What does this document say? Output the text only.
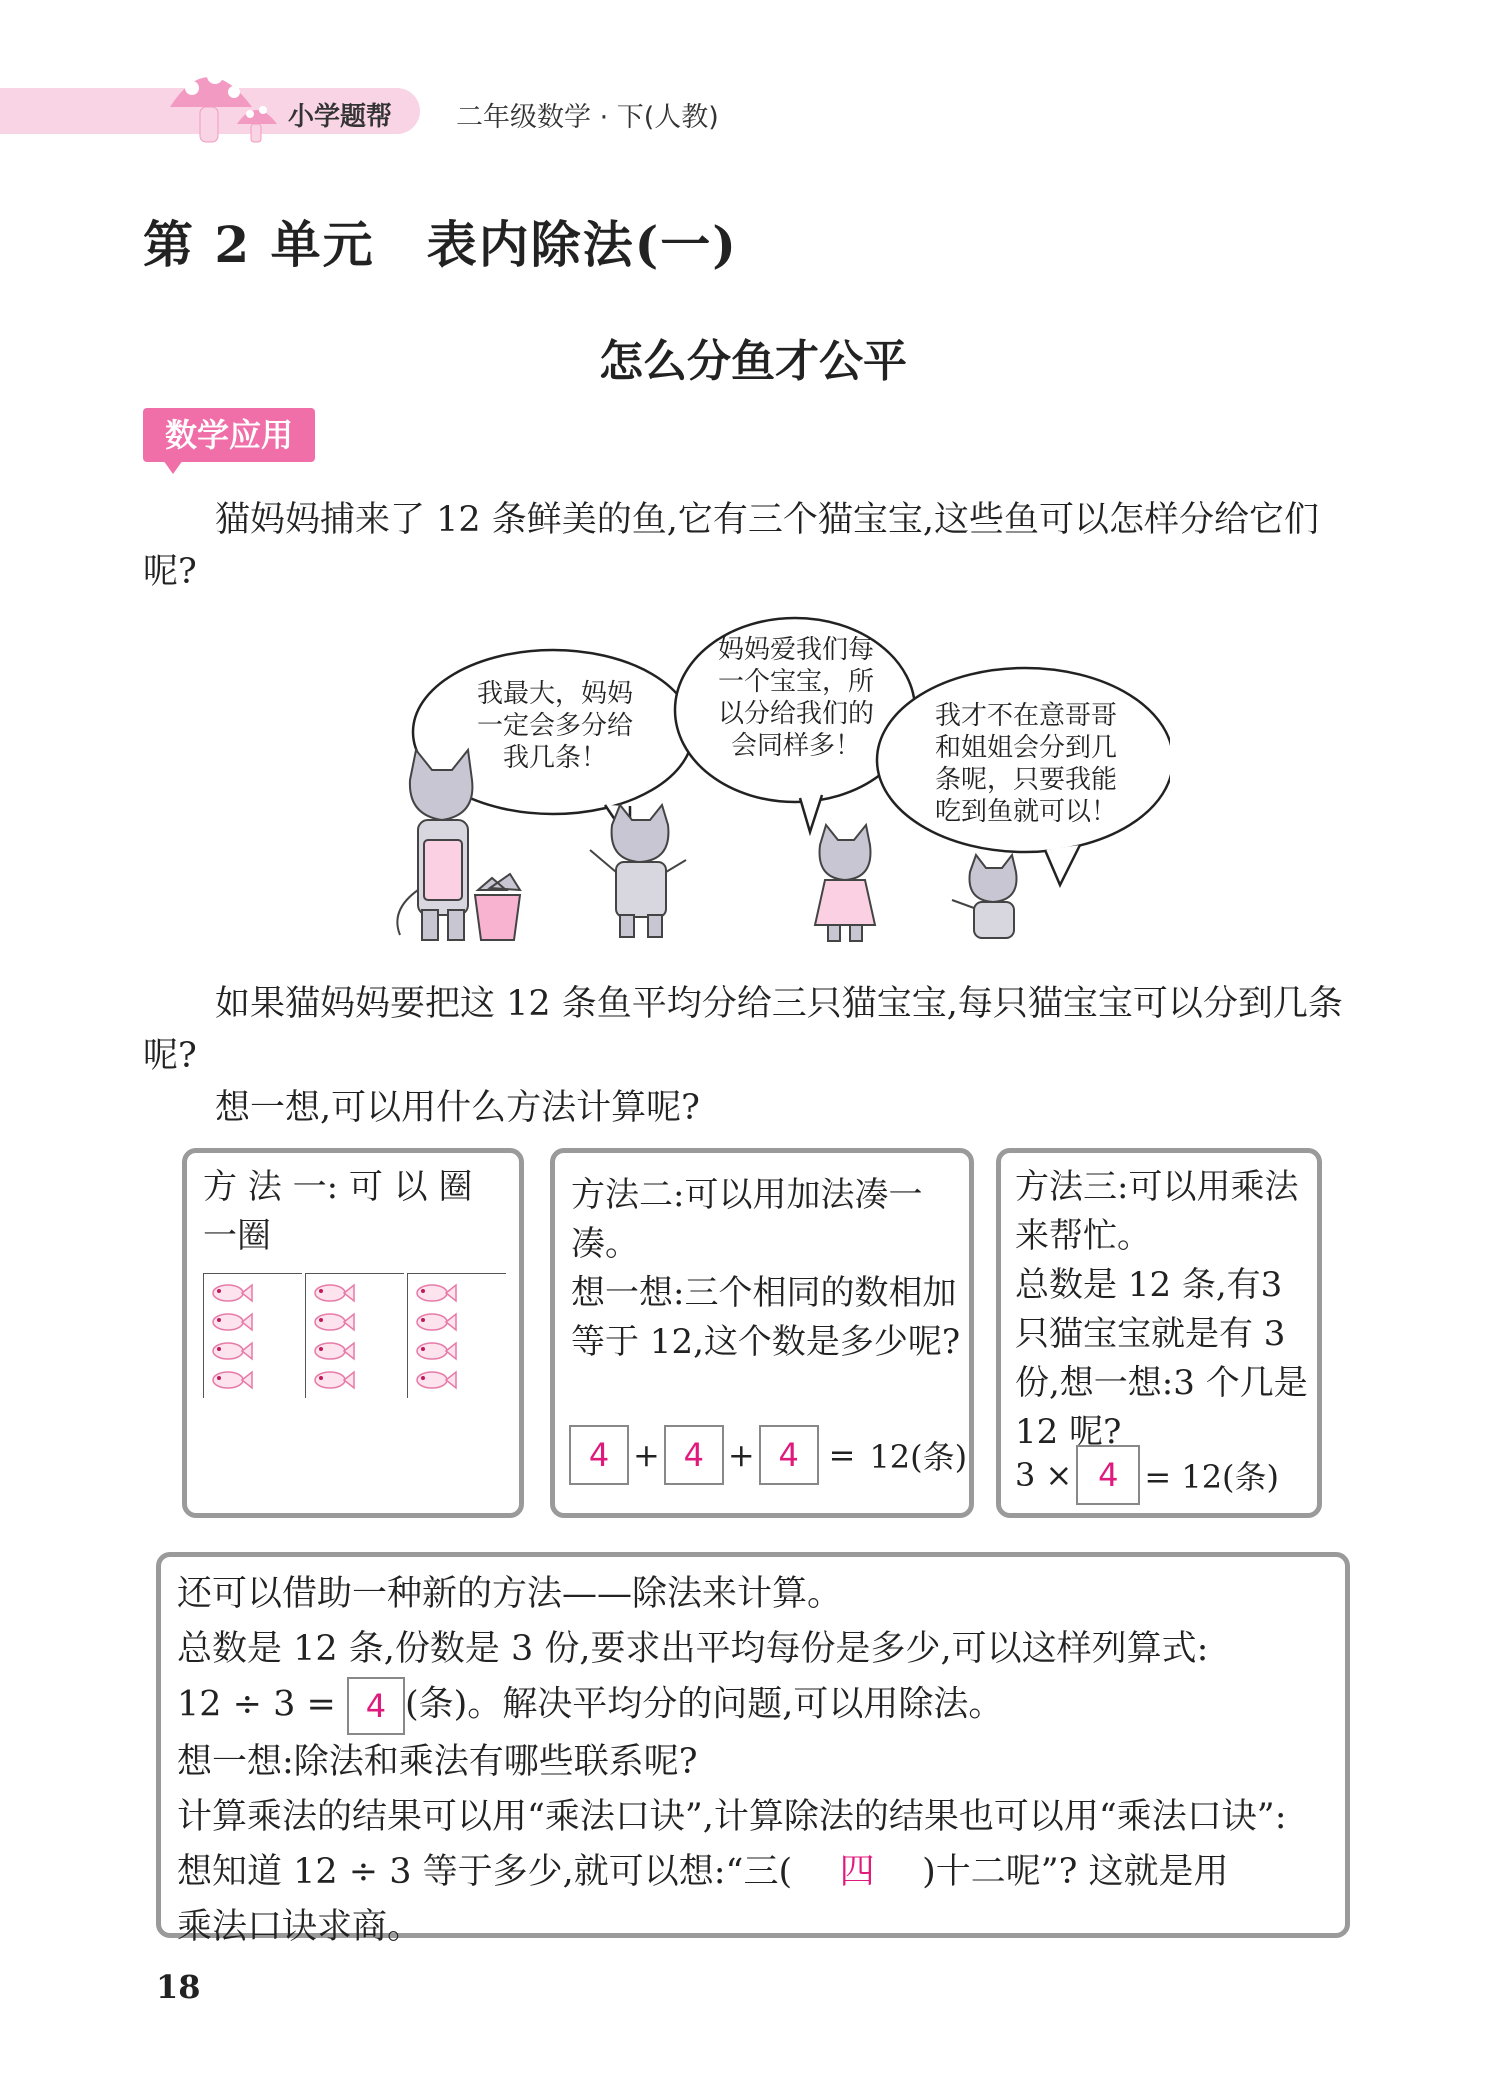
小学题帮 二年级数学 · 下(人教)
第 2 单元　表内除法(一)
怎么分鱼才公平
数学应用
猫妈妈捕来了 12 条鲜美的鱼,它有三个猫宝宝,这些鱼可以怎样分给它们呢?
我最大，妈妈
一定会多分给
我几条！
妈妈爱我们每
一个宝宝，所
以分给我们的
会同样多！
我才不在意哥哥
和姐姐会分到几
条呢，只要我能
吃到鱼就可以！
如果猫妈妈要把这 12 条鱼平均分给三只猫宝宝,每只猫宝宝可以分到几条呢?
想一想,可以用什么方法计算呢?
方 法 一: 可 以 圈
一圈
方法二:可以用加法凑一凑。
想一想:三个相同的数相加等于 12,这个数是多少呢?
4 + 4 + 4 = 12(条)
方法三:可以用乘法来帮忙。
总数是 12 条,有3 只猫宝宝就是有 3 份,想一想:3 个几是 12 呢?
3 × 4 = 12(条)
还可以借助一种新的方法——除法来计算。
总数是 12 条,份数是 3 份,要求出平均每份是多少,可以这样列算式:
12 ÷ 3 = 4 (条)。解决平均分的问题,可以用除法。
想一想:除法和乘法有哪些联系呢?
计算乘法的结果可以用“乘法口诀”,计算除法的结果也可以用“乘法口诀”:
想知道 12 ÷ 3 等于多少,就可以想:“三( 四 )十二呢”? 这就是用
乘法口诀求商。
18
